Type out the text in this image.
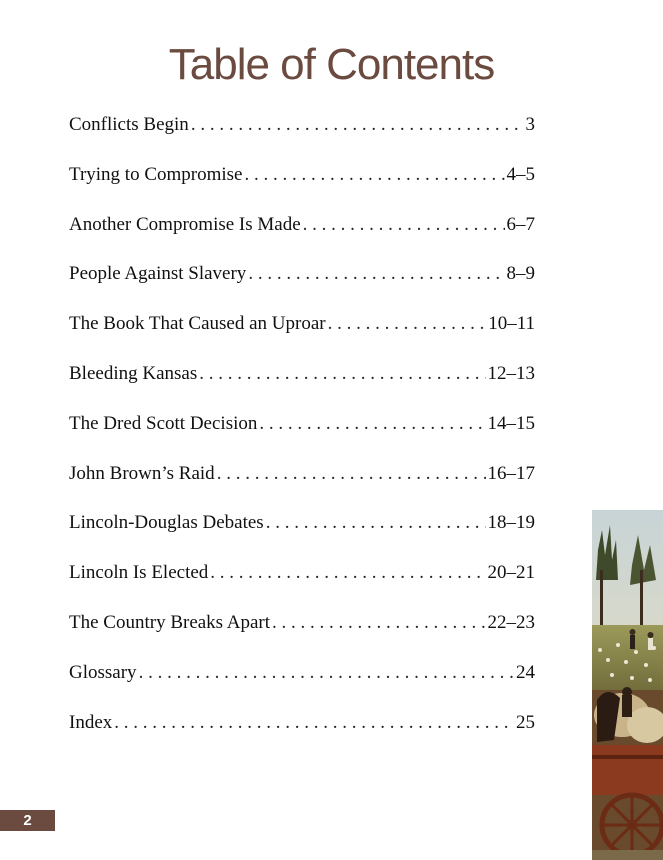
Table of Contents
Conflicts Begin . . .	3
Trying to Compromise . . .	4–5
Another Compromise Is Made . . .	6–7
People Against Slavery . . .	8–9
The Book That Caused an Uproar . . .	10–11
Bleeding Kansas . . .	12–13
The Dred Scott Decision . . .	14–15
John Brown’s Raid . . .	16–17
Lincoln-Douglas Debates . . .	18–19
Lincoln Is Elected . . .	20–21
The Country Breaks Apart . . .	22–23
Glossary . . .	24
Index . . .	25
2
